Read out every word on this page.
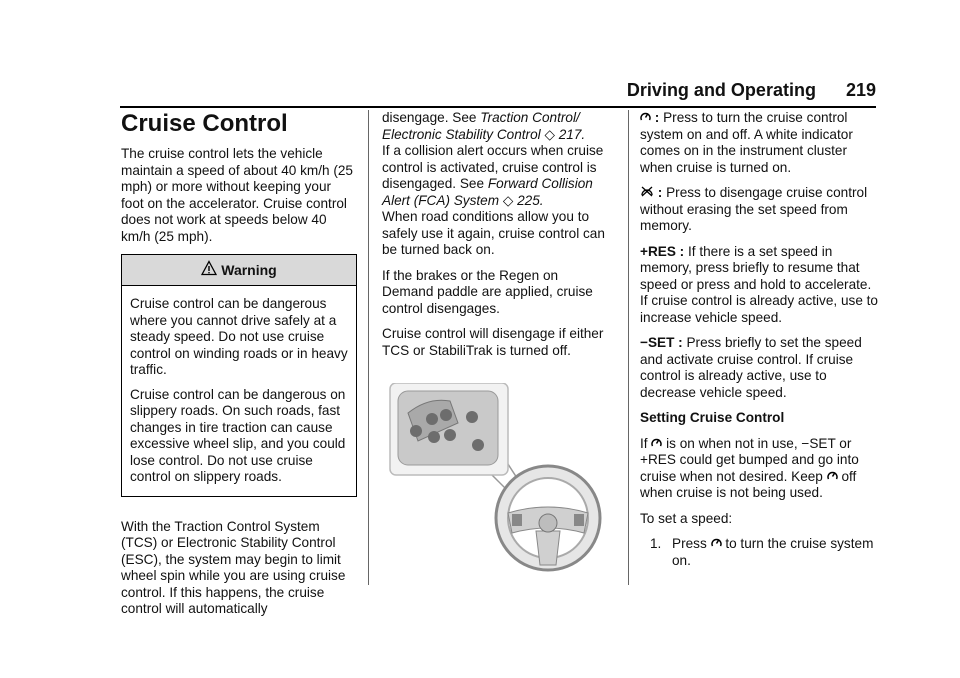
Driving and Operating 219
Cruise Control

The cruise control lets the vehicle maintain a speed of about 40 km/h (25 mph) or more without keeping your foot on the accelerator. Cruise control does not work at speeds below 40 km/h (25 mph).

Warning

Cruise control can be dangerous where you cannot drive safely at a steady speed. Do not use cruise control on winding roads or in heavy traffic.

Cruise control can be dangerous on slippery roads. On such roads, fast changes in tire traction can cause excessive wheel slip, and you could lose control. Do not use cruise control on slippery roads.

With the Traction Control System (TCS) or Electronic Stability Control (ESC), the system may begin to limit wheel spin while you are using cruise control. If this happens, the cruise control will automatically

disengage. See Traction Control/ Electronic Stability Control ◇ 217.
If a collision alert occurs when cruise control is activated, cruise control is disengaged. See Forward Collision Alert (FCA) System ◇ 225.
When road conditions allow you to safely use it again, cruise control can be turned back on.

If the brakes or the Regen on Demand paddle are applied, cruise control disengages.

Cruise control will disengage if either TCS or StabiliTrak is turned off.

: Press to turn the cruise control system on and off. A white indicator comes on in the instrument cluster when cruise is turned on.

: Press to disengage cruise control without erasing the set speed from memory.

+RES : If there is a set speed in memory, press briefly to resume that speed or press and hold to accelerate. If cruise control is already active, use to increase vehicle speed.

−SET : Press briefly to set the speed and activate cruise control. If cruise control is already active, use to decrease vehicle speed.

Setting Cruise Control

If is on when not in use, −SET or +RES could get bumped and go into cruise when not desired. Keep off when cruise is not being used.

To set a speed:

1. Press to turn the cruise system on.
